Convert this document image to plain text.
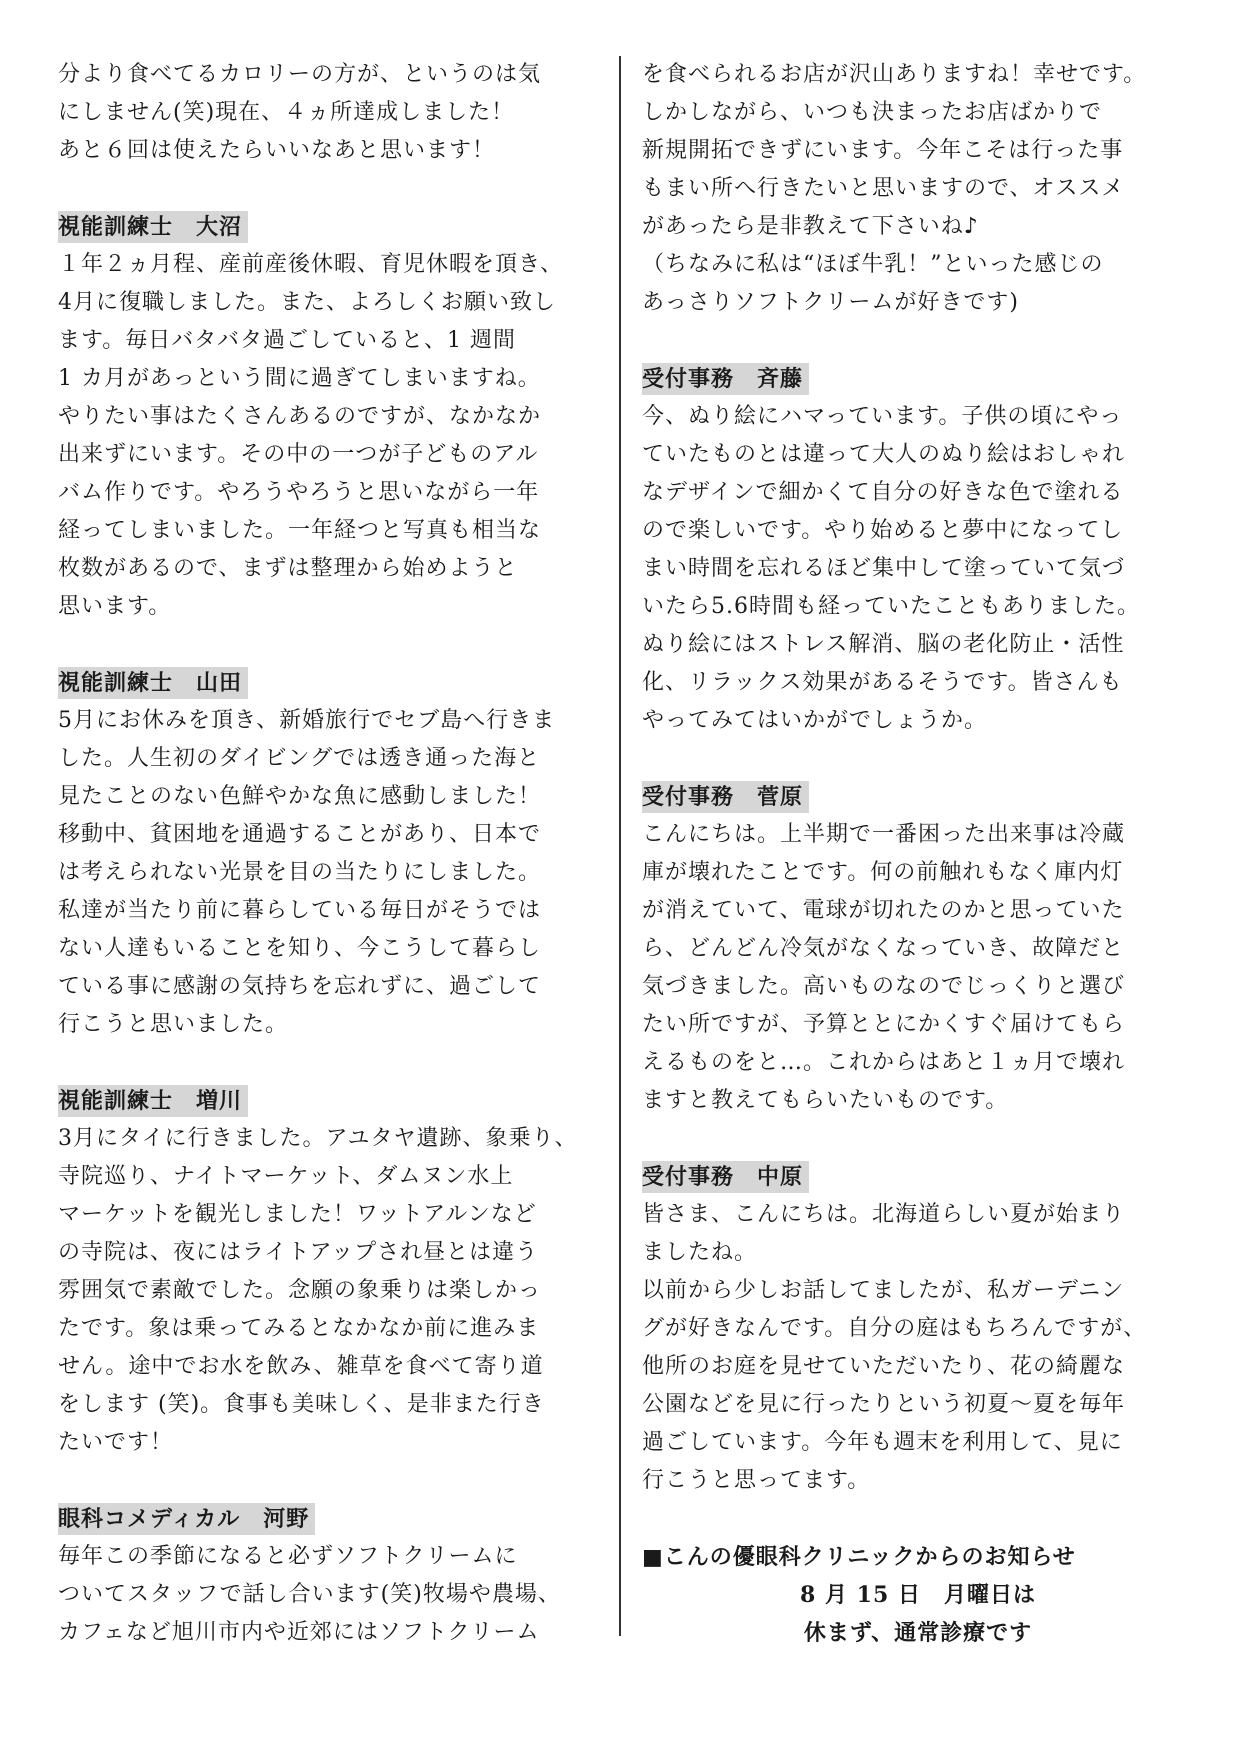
分より食べてるカロリーの方が、というのは気
にしません(笑)現在、４ヵ所達成しました！
あと６回は使えたらいいなあと思います！
視能訓練士　大沼
１年２ヵ月程、産前産後休暇、育児休暇を頂き、
4月に復職しました。また、よろしくお願い致し
ます。毎日バタバタ過ごしていると、1 週間
1 カ月があっという間に過ぎてしまいますね。
やりたい事はたくさんあるのですが、なかなか
出来ずにいます。その中の一つが子どものアル
バム作りです。やろうやろうと思いながら一年
経ってしまいました。一年経つと写真も相当な
枚数があるので、まずは整理から始めようと
思います。
視能訓練士　山田
5月にお休みを頂き、新婚旅行でセブ島へ行きま
した。人生初のダイビングでは透き通った海と
見たことのない色鮮やかな魚に感動しました！
移動中、貧困地を通過することがあり、日本で
は考えられない光景を目の当たりにしました。
私達が当たり前に暮らしている毎日がそうでは
ない人達もいることを知り、今こうして暮らし
ている事に感謝の気持ちを忘れずに、過ごして
行こうと思いました。
視能訓練士　増川
3月にタイに行きました。アユタヤ遺跡、象乗り、
寺院巡り、ナイトマーケット、ダムヌン水上
マーケットを観光しました！ワットアルンなど
の寺院は、夜にはライトアップされ昼とは違う
雰囲気で素敵でした。念願の象乗りは楽しかっ
たです。象は乗ってみるとなかなか前に進みま
せん。途中でお水を飲み、雑草を食べて寄り道
をします (笑)。食事も美味しく、是非また行き
たいです！
眼科コメディカル　河野
毎年この季節になると必ずソフトクリームに
ついてスタッフで話し合います(笑)牧場や農場、
カフェなど旭川市内や近郊にはソフトクリーム
を食べられるお店が沢山ありますね！幸せです。
しかしながら、いつも決まったお店ばかりで
新規開拓できずにいます。今年こそは行った事
もまい所へ行きたいと思いますので、オススメ
があったら是非教えて下さいね♪
（ちなみに私は“ほぼ牛乳！”といった感じの
あっさりソフトクリームが好きです)
受付事務　斉藤
今、ぬり絵にハマっています。子供の頃にやっ
ていたものとは違って大人のぬり絵はおしゃれ
なデザインで細かくて自分の好きな色で塗れる
ので楽しいです。やり始めると夢中になってし
まい時間を忘れるほど集中して塗っていて気づ
いたら5.6時間も経っていたこともありました。
ぬり絵にはストレス解消、脳の老化防止・活性
化、リラックス効果があるそうです。皆さんも
やってみてはいかがでしょうか。
受付事務　菅原
こんにちは。上半期で一番困った出来事は冷蔵
庫が壊れたことです。何の前触れもなく庫内灯
が消えていて、電球が切れたのかと思っていた
ら、どんどん冷気がなくなっていき、故障だと
気づきました。高いものなのでじっくりと選び
たい所ですが、予算ととにかくすぐ届けてもら
えるものをと…。これからはあと１ヵ月で壊れ
ますと教えてもらいたいものです。
受付事務　中原
皆さま、こんにちは。北海道らしい夏が始まり
ましたね。
以前から少しお話してましたが、私ガーデニン
グが好きなんです。自分の庭はもちろんですが、
他所のお庭を見せていただいたり、花の綺麗な
公園などを見に行ったりという初夏～夏を毎年
過ごしています。今年も週末を利用して、見に
行こうと思ってます。
■こんの優眼科クリニックからのお知らせ
8 月 15 日　月曜日は
休まず、通常診療です
